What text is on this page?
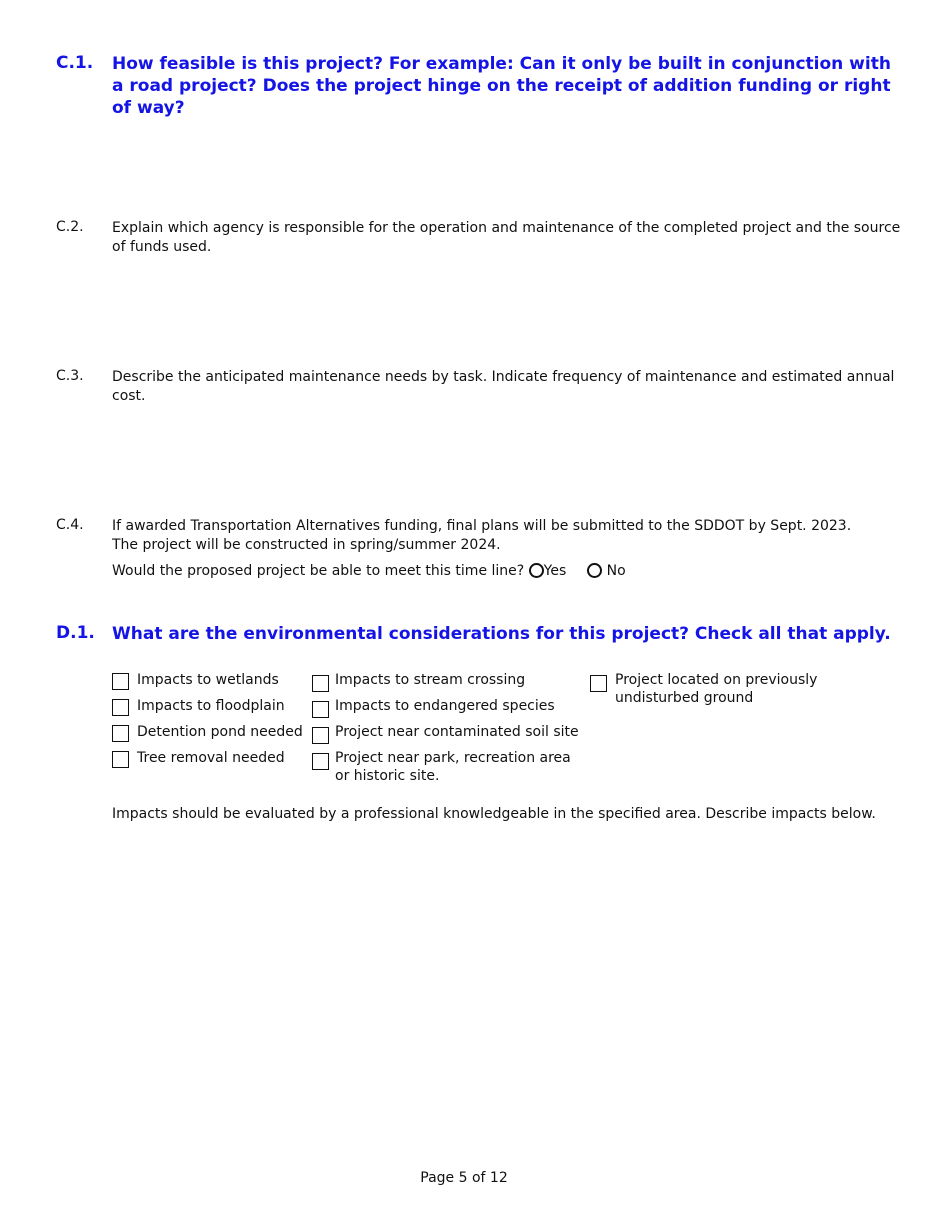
C.1. How feasible is this project? For example: Can it only be built in conjunction with a road project? Does the project hinge on the receipt of addition funding or right of way?
C.2. Explain which agency is responsible for the operation and maintenance of the completed project and the source of funds used.
C.3. Describe the anticipated maintenance needs by task. Indicate frequency of maintenance and estimated annual cost.
C.4. If awarded Transportation Alternatives funding, final plans will be submitted to the SDDOT by Sept. 2023.
The project will be constructed in spring/summer 2024.
Would the proposed project be able to meet this time line? Yes	No
D.1. What are the environmental considerations for this project? Check all that apply.
Impacts to wetlands
Impacts to floodplain
Detention pond needed
Tree removal needed
Impacts to stream crossing
Impacts to endangered species
Project near contaminated soil site
Project near park, recreation area or historic site.
Project located on previously undisturbed ground
Impacts should be evaluated by a professional knowledgeable in the specified area. Describe impacts below.
Page 5 of 12
